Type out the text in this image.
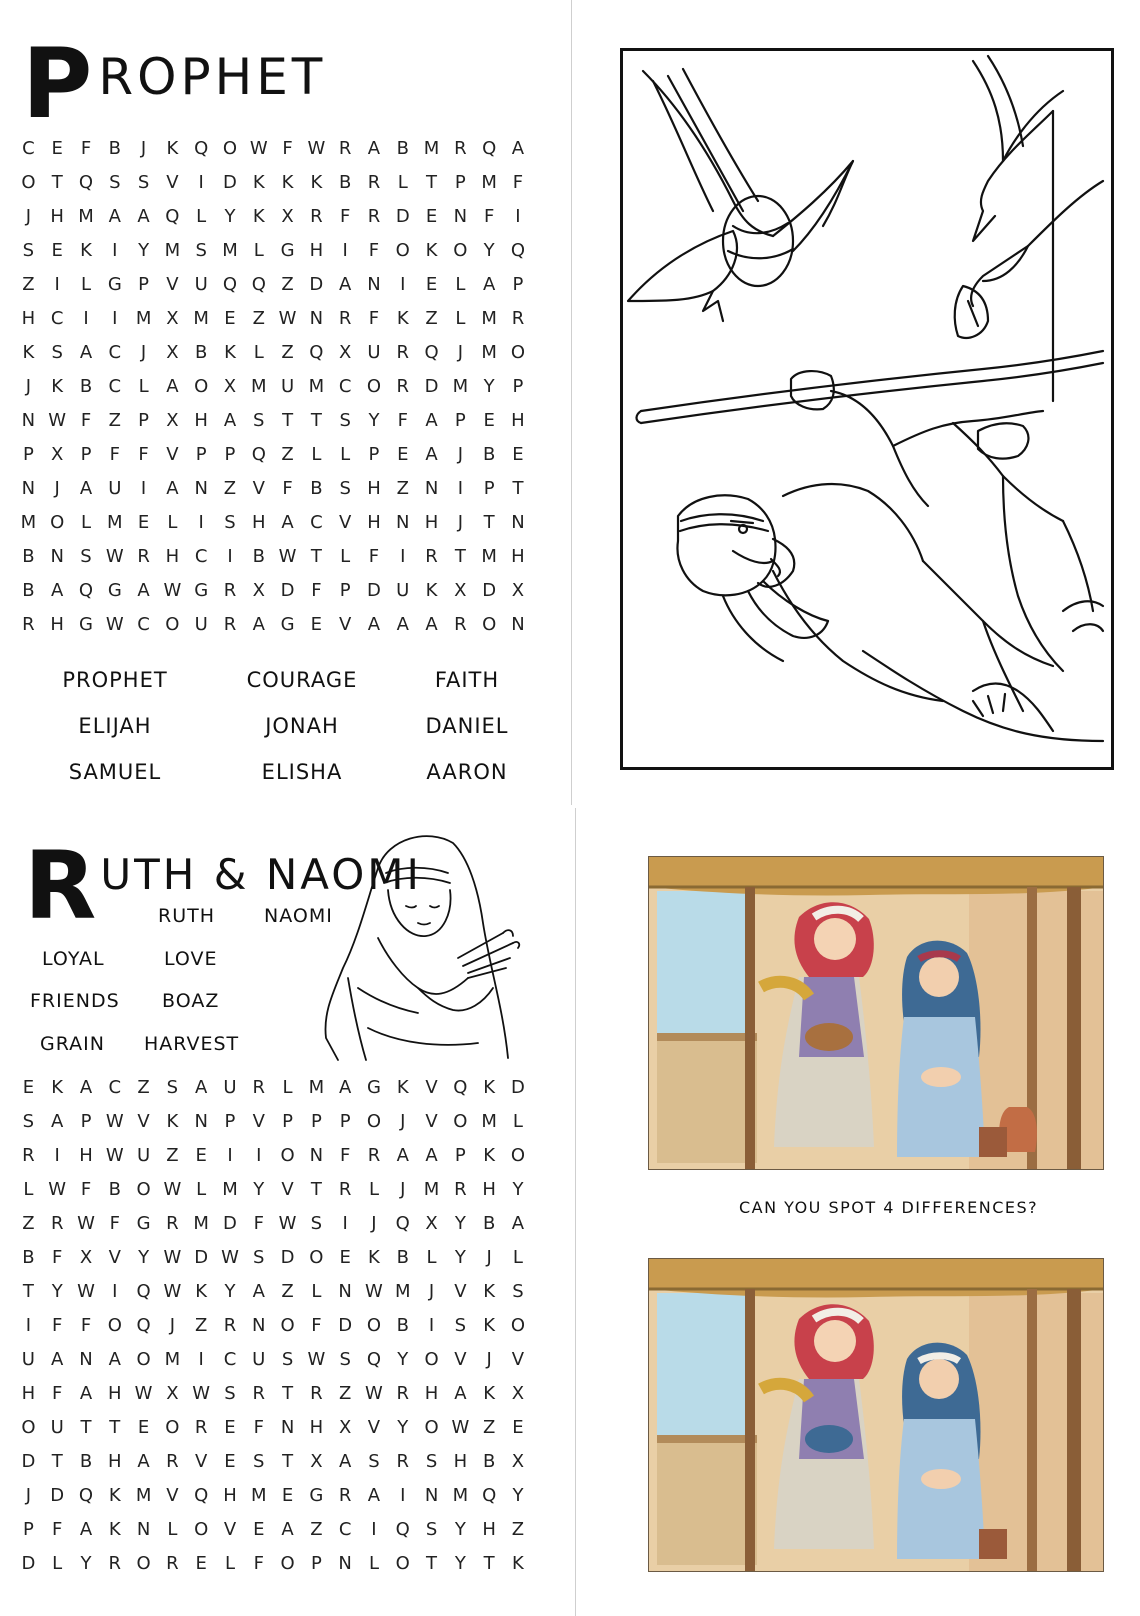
P ROPHET
C E F B	J	K Q O W F W R A B M R Q A
O T Q S S V	I	D K K K B R L	T P M F
J	H M A A Q L	Y K X R F R D E N F	I
S E K	I	Y M S M L G H	I	F O K O Y Q
Z	I	L G P V U Q Q Z D A N	I	E	L A P
H C	I	I	M X M E Z W N R F K Z L M R
K S A C	J	X B K L Z Q X U R Q	J	M O
J	K B C L A O X M U M C O R D M Y P
N W F Z P X H A S T T S Y	F A P E H
P X P	F	F V P P Q Z L	L	P E A	J	B E
N	J	A U	I	A N Z V F B S H Z N	I	P T
M O L M E	L	I	S H A C V H N H	J	T N
B N S W R H C	I	B W T	L	F	I	R T M H
B A Q G A W G R X D F	P D U K X D X
R H G W C O U R A G E V A A A R O N
PROPHET	COURAGE	FAITH
ELIJAH	JONAH	DANIEL
SAMUEL	ELISHA	AARON
R UTH & NAOMI
RUTH	NAOMI
LOYAL	LOVE
FRIENDS BOAZ
GRAIN HARVEST
E K A C Z S A U R L M A G K V Q K D
S A P W V K N P V P P P O	J	V O M L
R	I	H W U Z E	I	I	O N F R A A P K O
L W F B O W L M Y V T R L	J	M R H Y
Z R W F G R M D F W S	I	J	Q X Y B A
B F X V Y W D W S D O E K B L	Y	J	L
T Y W I	Q W K Y A Z L N W M	J	V K S
I	F	F O Q	J	Z R N O F D O B	I	S K O
U A N A O M	I	C U S W S Q Y O V	J	V
H F A H W X W S R T R Z W R H A K X
O U T T E O R E F N H X V Y O W Z E
D T B H A R V E S T X A S R S H B X
J	D Q K M V Q H M E G R A	I	N M Q Y
P	F A K N L O V E A Z C	I	Q S Y H Z
D L	Y R O R E	L	F O P N L O T Y T K
CAN YOU SPOT 4 DIFFERENCES?
